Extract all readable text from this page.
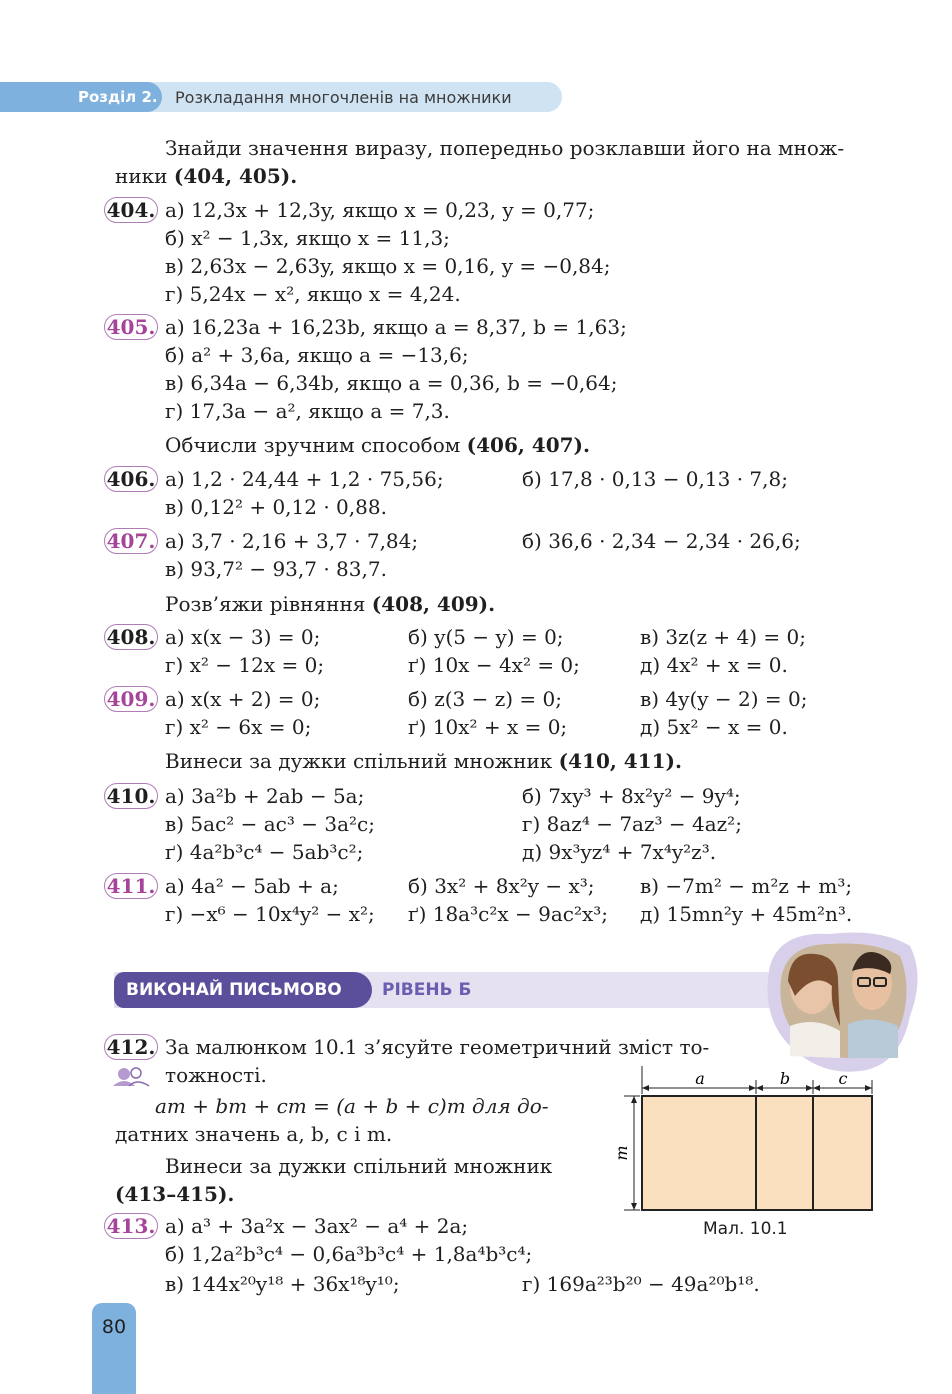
Розділ 2. Розкладання многочленів на множники
Знайди значення виразу, попередньо розклавши його на множ-
ники (404, 405).
404. а) 12,3x + 12,3y, якщо x = 0,23, y = 0,77;
б) x² − 1,3x, якщо x = 11,3;
в) 2,63x − 2,63y, якщо x = 0,16, y = −0,84;
г) 5,24x − x², якщо x = 4,24.
405. а) 16,23a + 16,23b, якщо a = 8,37, b = 1,63;
б) a² + 3,6a, якщо a = −13,6;
в) 6,34a − 6,34b, якщо a = 0,36, b = −0,64;
г) 17,3a − a², якщо a = 7,3.
Обчисли зручним способом (406, 407).
406. а) 1,2 · 24,44 + 1,2 · 75,56;	б) 17,8 · 0,13 − 0,13 · 7,8;
в) 0,12² + 0,12 · 0,88.
407. а) 3,7 · 2,16 + 3,7 · 7,84;	б) 36,6 · 2,34 − 2,34 · 26,6;
в) 93,7² − 93,7 · 83,7.
Розв’яжи рівняння (408, 409).
408. а) x(x − 3) = 0;	б) y(5 − y) = 0;	в) 3z(z + 4) = 0;
г) x² − 12x = 0;	ґ) 10x − 4x² = 0;	д) 4x² + x = 0.
409. а) x(x + 2) = 0;	б) z(3 − z) = 0;	в) 4y(y − 2) = 0;
г) x² − 6x = 0;	ґ) 10x² + x = 0;	д) 5x² − x = 0.
Винеси за дужки спільний множник (410, 411).
410. а) 3a²b + 2ab − 5a;	б) 7xy³ + 8x²y² − 9y⁴;
в) 5ac² − ac³ − 3a²c;	г) 8az⁴ − 7az³ − 4az²;
ґ) 4a²b³c⁴ − 5ab³c²;	д) 9x³yz⁴ + 7x⁴y²z³.
411. а) 4a² − 5ab + a;	б) 3x² + 8x²y − x³; в) −7m² − m²z + m³;
г) −x⁶ − 10x⁴y² − x²; ґ) 18a³c²x − 9ac²x³; д) 15mn²y + 45m²n³.
ВИКОНАЙ ПИСЬМОВО РІВЕНЬ Б
412. За малюнком 10.1 з’ясуйте геометричний зміст то-
тожності.
am + bm + cm = (a + b + c)m для до-
датних значень a, b, c і m.
Винеси за дужки спільний множник
(413–415).
a	b	c
m
Мал. 10.1
413. а) a³ + 3a²x − 3ax² − a⁴ + 2a;
б) 1,2a²b³c⁴ − 0,6a³b³c⁴ + 1,8a⁴b³c⁴;
в) 144x²⁰y¹⁸ + 36x¹⁸y¹⁰;	г) 169a²³b²⁰ − 49a²⁰b¹⁸.
80
